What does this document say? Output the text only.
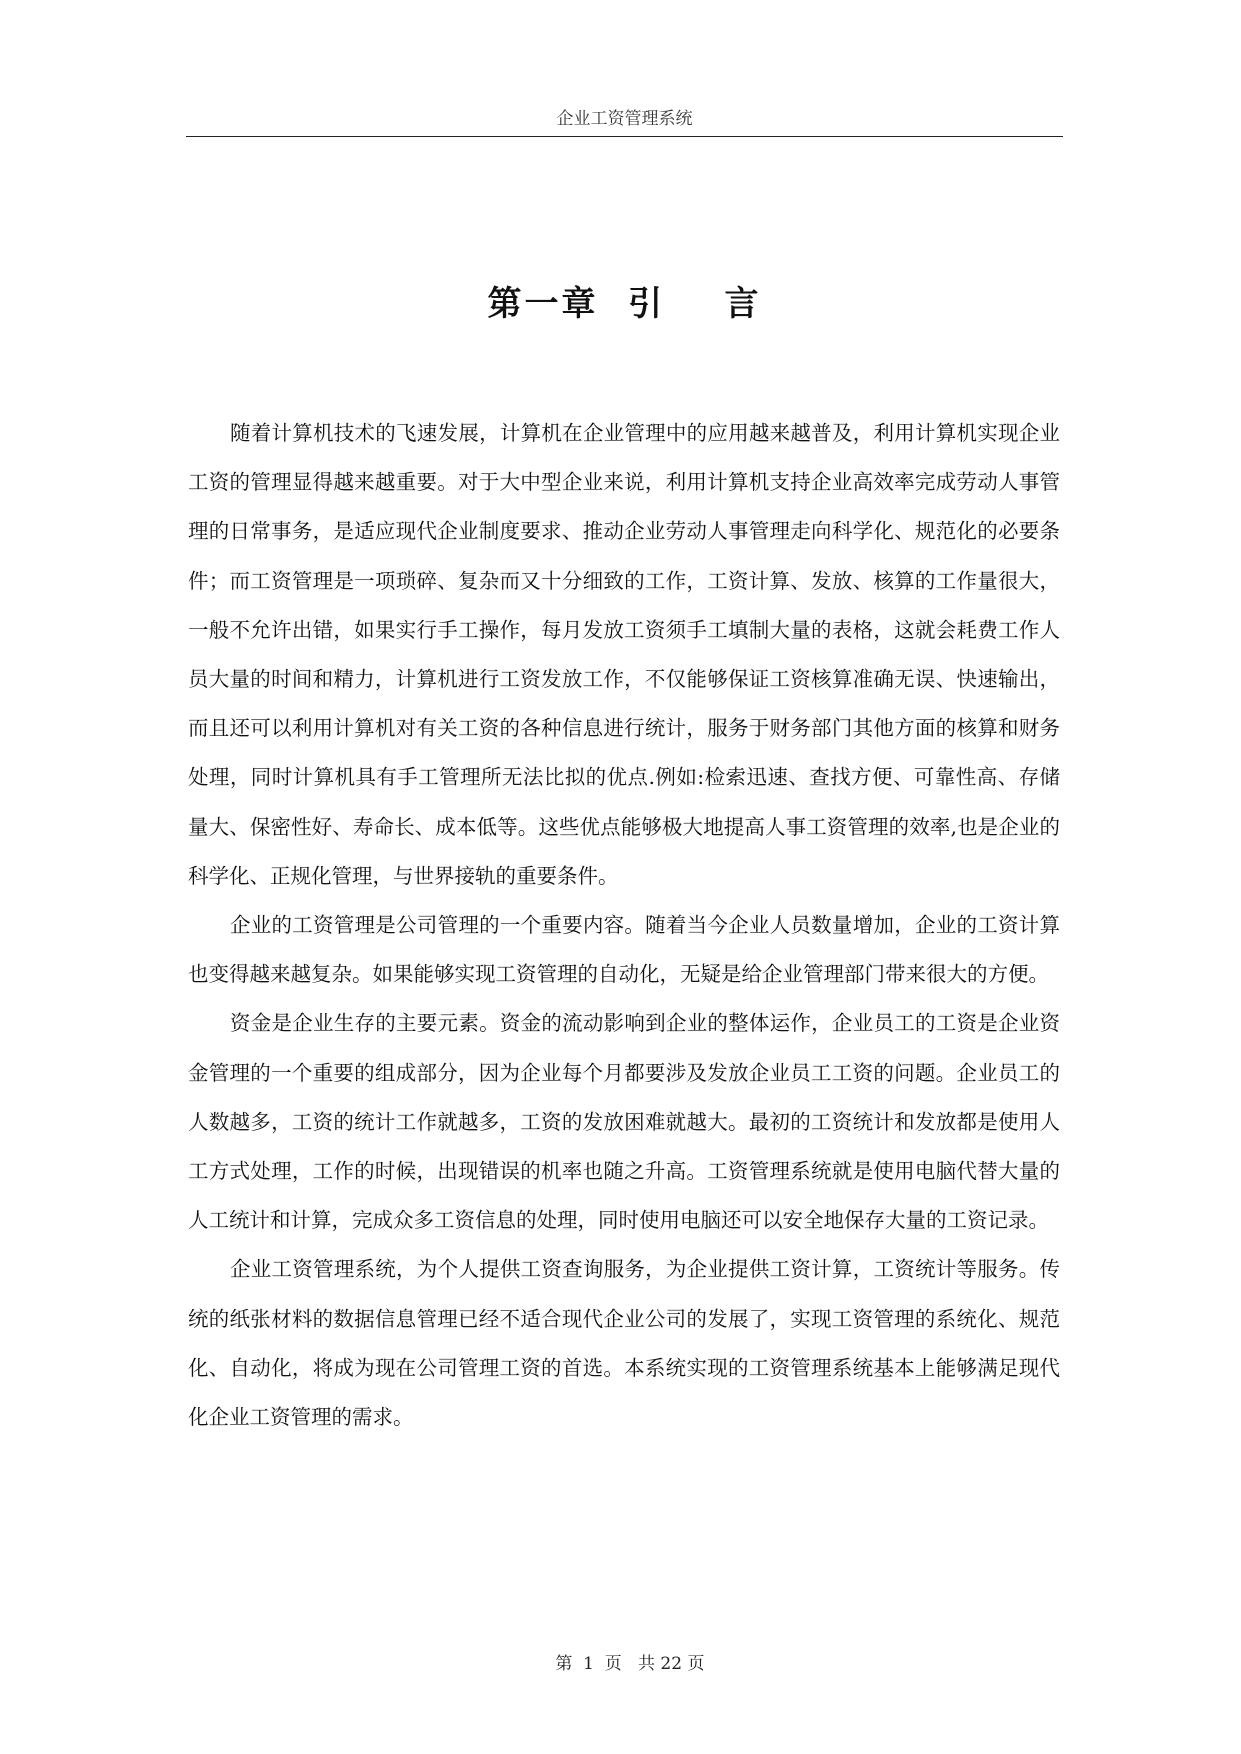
企业工资管理系统
第一章  引    言

随着计算机技术的飞速发展，计算机在企业管理中的应用越来越普及，利用计算机实现企业工资的管理显得越来越重要。对于大中型企业来说，利用计算机支持企业高效率完成劳动人事管理的日常事务，是适应现代企业制度要求、推动企业劳动人事管理走向科学化、规范化的必要条件；而工资管理是一项琐碎、复杂而又十分细致的工作，工资计算、发放、核算的工作量很大，一般不允许出错，如果实行手工操作，每月发放工资须手工填制大量的表格，这就会耗费工作人员大量的时间和精力，计算机进行工资发放工作，不仅能够保证工资核算准确无误、快速输出，而且还可以利用计算机对有关工资的各种信息进行统计，服务于财务部门其他方面的核算和财务处理，同时计算机具有手工管理所无法比拟的优点.例如:检索迅速、查找方便、可靠性高、存储量大、保密性好、寿命长、成本低等。这些优点能够极大地提高人事工资管理的效率,也是企业的科学化、正规化管理，与世界接轨的重要条件。

企业的工资管理是公司管理的一个重要内容。随着当今企业人员数量增加，企业的工资计算也变得越来越复杂。如果能够实现工资管理的自动化，无疑是给企业管理部门带来很大的方便。

资金是企业生存的主要元素。资金的流动影响到企业的整体运作，企业员工的工资是企业资金管理的一个重要的组成部分，因为企业每个月都要涉及发放企业员工工资的问题。企业员工的人数越多，工资的统计工作就越多，工资的发放困难就越大。最初的工资统计和发放都是使用人工方式处理，工作的时候，出现错误的机率也随之升高。工资管理系统就是使用电脑代替大量的人工统计和计算，完成众多工资信息的处理，同时使用电脑还可以安全地保存大量的工资记录。

企业工资管理系统，为个人提供工资查询服务，为企业提供工资计算，工资统计等服务。传统的纸张材料的数据信息管理已经不适合现代企业公司的发展了，实现工资管理的系统化、规范化、自动化，将成为现在公司管理工资的首选。本系统实现的工资管理系统基本上能够满足现代化企业工资管理的需求。

第  1  页   共 22 页
